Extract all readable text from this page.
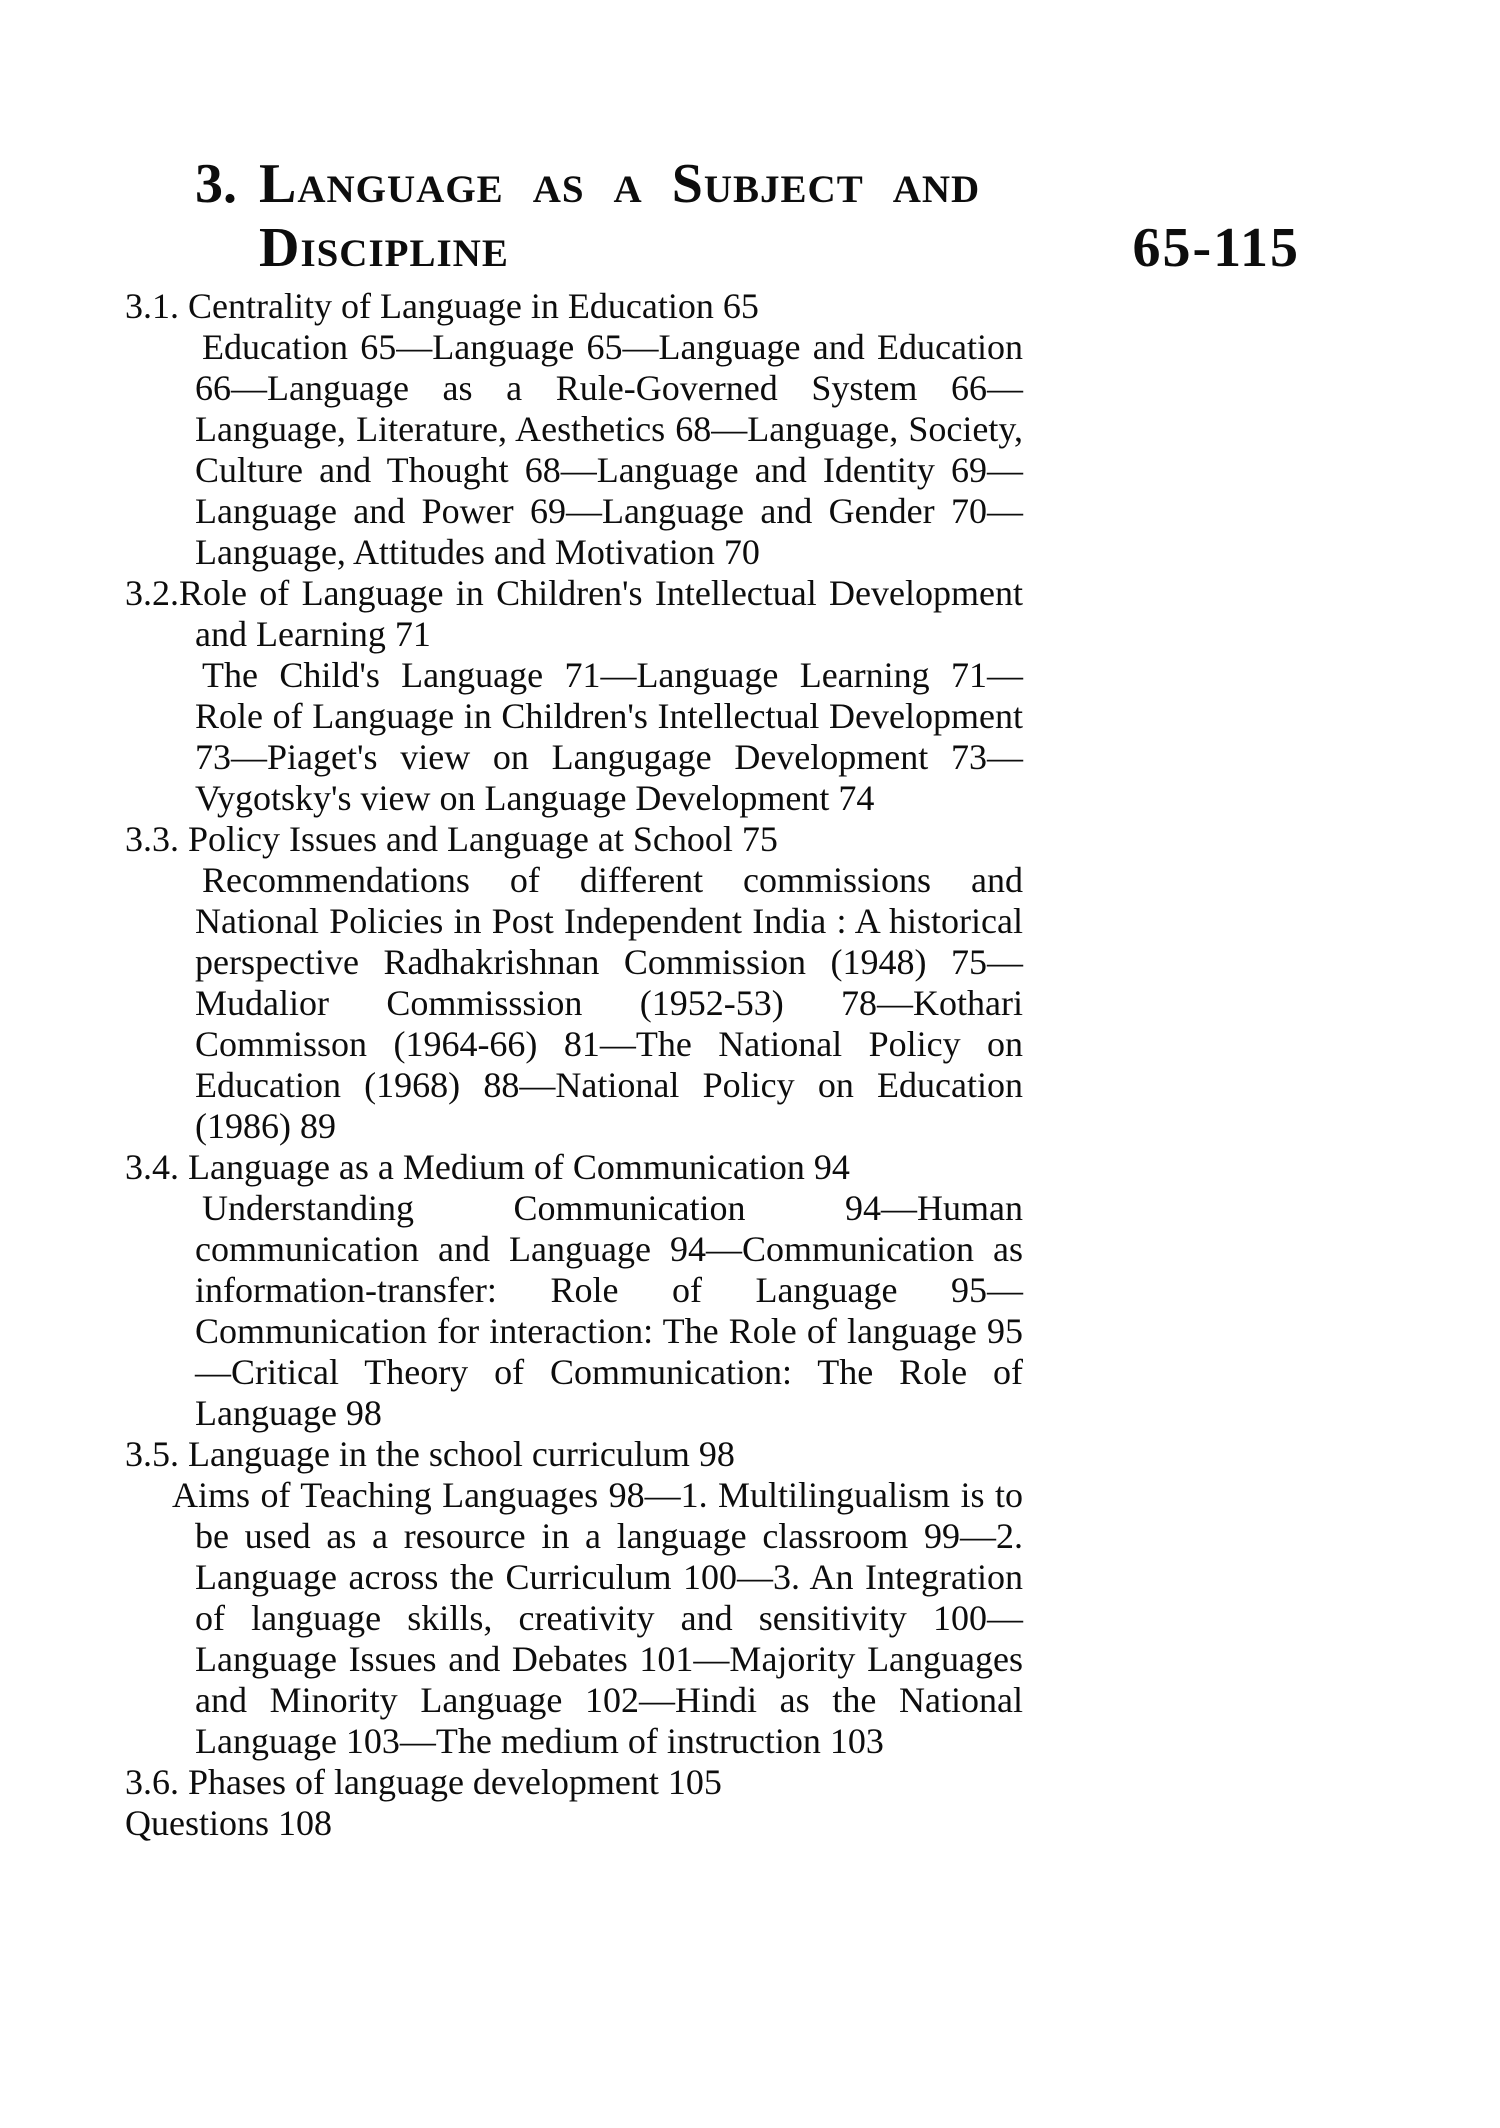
3. Language as a Subject and
Discipline	65-115

3.1. Centrality of Language in Education 65

Education 65—Language 65—Language and Education 66—Language as a Rule-Governed System 66—Language, Literature, Aesthetics 68—Language, Society, Culture and Thought 68—Language and Identity 69—Language and Power 69—Language and Gender 70—Language, Attitudes and Motivation 70

3.2.Role of Language in Children's Intellectual Development and Learning 71

The Child's Language 71—Language Learning 71—Role of Language in Children's Intellectual Development 73—Piaget's view on Langugage Development 73—Vygotsky's view on Language Development 74

3.3. Policy Issues and Language at School 75

Recommendations of different commissions and National Policies in Post Independent India : A historical perspective Radhakrishnan Commission (1948) 75—Mudalior Commisssion (1952-53) 78—Kothari Commisson (1964-66) 81—The National Policy on Education (1968) 88—National Policy on Education (1986) 89

3.4. Language as a Medium of Communication 94

Understanding Communication 94—Human communication and Language 94—Communication as information-transfer: Role of Language 95—Communication for interaction: The Role of language 95—Critical Theory of Communication: The Role of Language 98

3.5. Language in the school curriculum 98

Aims of Teaching Languages 98—1. Multilingualism is to be used as a resource in a language classroom 99—2. Language across the Curriculum 100—3. An Integration of language skills, creativity and sensitivity 100—Language Issues and Debates 101—Majority Languages and Minority Language 102—Hindi as the National Language 103—The medium of instruction 103

3.6. Phases of language development 105

Questions 108
